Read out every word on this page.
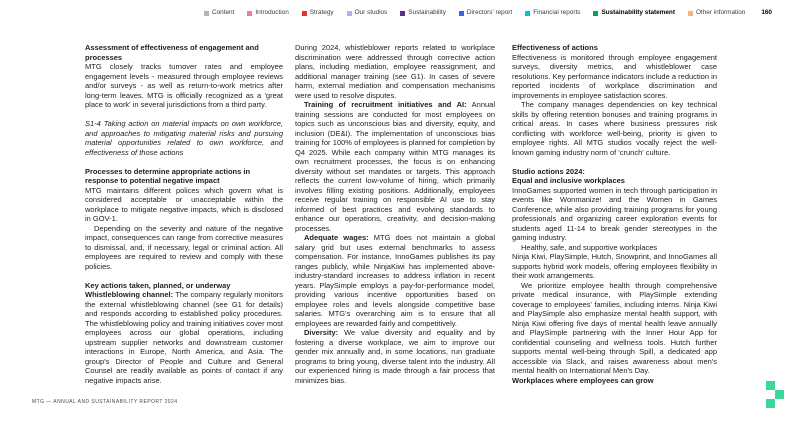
Content	Introduction	Strategy	Our studios	Sustainability	Directors' report	Financial reports	Sustainability statement	Other information	160
Assessment of effectiveness of engagement and processes

MTG closely tracks turnover rates and employee engagement levels - measured through employee reviews and/or surveys - as well as return-to-work metrics after long-term leaves. MTG is officially recognized as a 'great place to work' in several jurisdictions from a third party.

S1-4 Taking action on material impacts on own workforce, and approaches to mitigating material risks and pursuing material opportunities related to own workforce, and effectiveness of those actions

Processes to determine appropriate actions in response to potential negative impact

MTG maintains different polices which govern what is considered acceptable or unacceptable within the workplace to mitigate negative impacts, which is disclosed in GOV-1.

Depending on the severity and nature of the negative impact, consequences can range from corrective measures to dismissal, and, if necessary, legal or criminal action. All employees are required to review and comply with these policies.

Key actions taken, planned, or underway

Whistleblowing channel: The company regularly monitors the external whistleblowing channel (see G1 for details) and responds according to established policy procedures. The whistleblowing policy and training initiatives cover most employees across our global operations, including upstream supplier networks and downstream customer interactions in Europe, North America, and Asia. The group's Director of People and Culture and General Counsel are readily available as points of contact if any negative impacts arise.

During 2024, whistleblower reports related to workplace discrimination were addressed through corrective action plans, including mediation, employee reassignment, and additional manager training (see G1). In cases of severe harm, external mediation and compensation mechanisms were used to resolve disputes.

Training of recruitment initiatives and AI: Annual training sessions are conducted for most employees on topics such as unconscious bias and diversity, equity, and inclusion (DE&I). The implementation of unconscious bias training for 100% of employees is planned for completion by Q4 2025. While each company within MTG manages its own recruitment processes, the focus is on enhancing diversity without set mandates or targets. This approach reflects the current low-volume of hiring, which primarily involves filling existing positions. Additionally, employees receive regular training on responsible AI use to stay informed of best practices and evolving standards to enhance our operations, creativity, and decision-making processes.

Adequate wages: MTG does not maintain a global salary grid but uses external benchmarks to assess compensation. For instance, InnoGames publishes its pay ranges publicly, while NinjaKiwi has implemented above-industry-standard increases to address inflation in recent years. PlaySimple employs a pay-for-performance model, providing various incentive opportunities based on employee roles and levels alongside competitive base salaries. MTG's overarching aim is to ensure that all employees are rewarded fairly and competitively.

Diversity: We value diversity and equality and by fostering a diverse workplace, we aim to improve our gender mix annually and, in some locations, run graduate programs to bring young, diverse talent into the industry. All our experienced hiring is made through a fair process that minimizes bias.

Effectiveness of actions

Effectiveness is monitored through employee engagement surveys, diversity metrics, and whistleblower case resolutions. Key performance indicators include a reduction in reported incidents of workplace discrimination and improvements in employee satisfaction scores.

The company manages dependencies on key technical skills by offering retention bonuses and training programs in critical areas. In cases where business pressures risk conflicting with workforce well-being, priority is given to employee rights. All MTG studios vocally reject the well-known gaming industry norm of 'crunch' culture.

Studio actions 2024:
Equal and inclusive workplaces

InnoGames supported women in tech through participation in events like Wonmanize! and the Women in Games Conference, while also providing training programs for young professionals and organizing career exploration events for students aged 11-14 to break gender stereotypes in the gaming industry.

Healthy, safe, and supportive workplaces

Ninja Kiwi, PlaySimple, Hutch, Snowprint, and InnoGames all supports hybrid work models, offering employees flexibility in their work arrangements.

We prioritize employee health through comprehensive private medical insurance, with PlaySimple extending coverage to employees' families, including interns. Ninja Kiwi and PlaySimple also emphasize mental health support, with Ninja Kiwi offering five days of mental health leave annually and PlaySimple partnering with the Inner Hour App for confidential counseling and wellness tools. Hutch further supports mental well-being through Spill, a dedicated app accessible via Slack, and raises awareness about men's mental health on International Men's Day.

Workplaces where employees can grow
MTG — ANNUAL AND SUSTAINABILITY REPORT 2024
